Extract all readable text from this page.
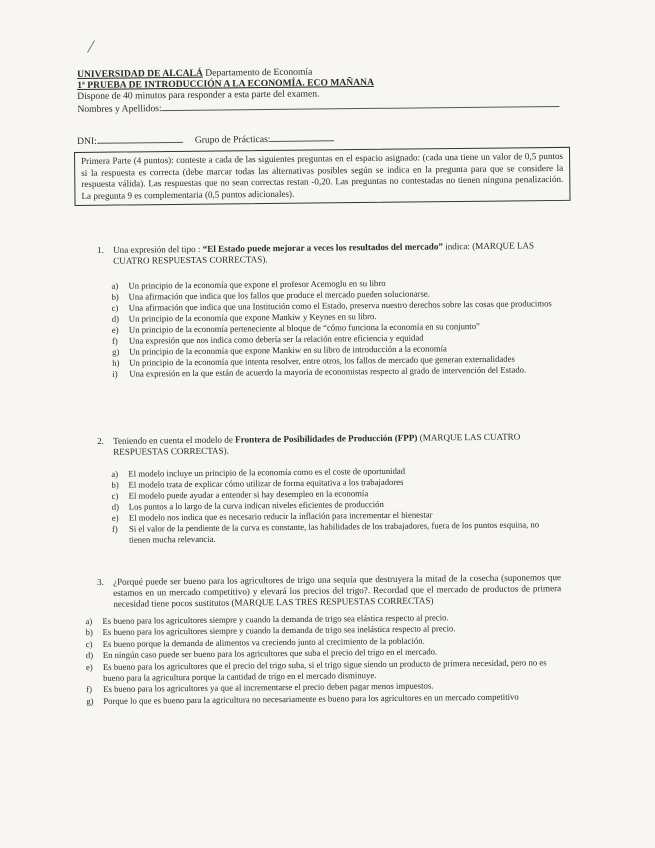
UNIVERSIDAD DE ALCALÁ Departamento de Economía
1ª PRUEBA DE INTRODUCCIÓN A LA ECONOMÍA. ECO MAÑANA
Dispone de 40 minutos para responder a esta parte del examen.
Nombres y Apellidos:
DNI:	Grupo de Prácticas:
Primera Parte (4 puntos): conteste a cada de las siguientes preguntas en el espacio asignado: (cada una tiene un valor de 0,5 puntos si la respuesta es correcta (debe marcar todas las alternativas posibles según se indica en la pregunta para que se considere la respuesta válida). Las respuestas que no sean correctas restan -0,20. Las preguntas no contestadas no tienen ninguna penalización. La pregunta 9 es complementaria (0,5 puntos adicionales).
1. Una expresión del tipo : “El Estado puede mejorar a veces los resultados del mercado” indica: (MARQUE LAS CUATRO RESPUESTAS CORRECTAS).
a)	Un principio de la economía que expone el profesor Acemoglu en su libro
b)	Una afirmación que indica que los fallos que produce el mercado pueden solucionarse.
c)	Una afirmación que indica que una Institución como el Estado, preserva nuestro derechos sobre las cosas que producimos
d)	Un principio de la economía que expone Mankiw y Keynes en su libro.
e)	Un principio de la economía perteneciente al bloque de “cómo funciona la economía en su conjunto”
f)	Una expresión que nos indica como debería ser la relación entre eficiencia y equidad
g)	Un principio de la economía que expone Mankiw en su libro de introducción a la economía
h)	Un principio de la economía que intenta resolver, entre otros, los fallos de mercado que generan externalidades
i)	Una expresión en la que están de acuerdo la mayoría de economistas respecto al grado de intervención del Estado.
2. Teniendo en cuenta el modelo de Frontera de Posibilidades de Producción (FPP) (MARQUE LAS CUATRO RESPUESTAS CORRECTAS).
a)	El modelo incluye un principio de la economía como es el coste de oportunidad
b)	El modelo trata de explicar cómo utilizar de forma equitativa a los trabajadores
c)	El modelo puede ayudar a entender si hay desempleo en la economía
d)	Los puntos a lo largo de la curva indican niveles eficientes de producción
e)	El modelo nos indica que es necesario reducir la inflación para incrementar el bienestar
f)	Si el valor de la pendiente de la curva es constante, las habilidades de los trabajadores, fuera de los puntos esquina, no tienen mucha relevancia.
3. ¿Porqué puede ser bueno para los agricultores de trigo una sequía que destruyera la mitad de la cosecha (suponemos que estamos en un mercado competitivo) y elevará los precios del trigo?. Recordad que el mercado de productos de primera necesidad tiene pocos sustitutos (MARQUE LAS TRES RESPUESTAS CORRECTAS)
a)	Es bueno para los agricultores siempre y cuando la demanda de trigo sea elástica respecto al precio.
b)	Es bueno para los agricultores siempre y cuando la demanda de trigo sea inelástica respecto al precio.
c)	Es bueno porque la demanda de alimentos va creciendo junto al crecimiento de la población.
d)	En ningún caso puede ser bueno para los agricultores que suba el precio del trigo en el mercado.
e)	Es bueno para los agricultores que el precio del trigo suba, si el trigo sigue siendo un producto de primera necesidad, pero no es bueno para la agricultura porque la cantidad de trigo en el mercado disminuye.
f)	Es bueno para los agricultores ya que al incrementarse el precio deben pagar menos impuestos.
g)	Porque lo que es bueno para la agricultura no necesariamente es bueno para los agricultores en un mercado competitivo
